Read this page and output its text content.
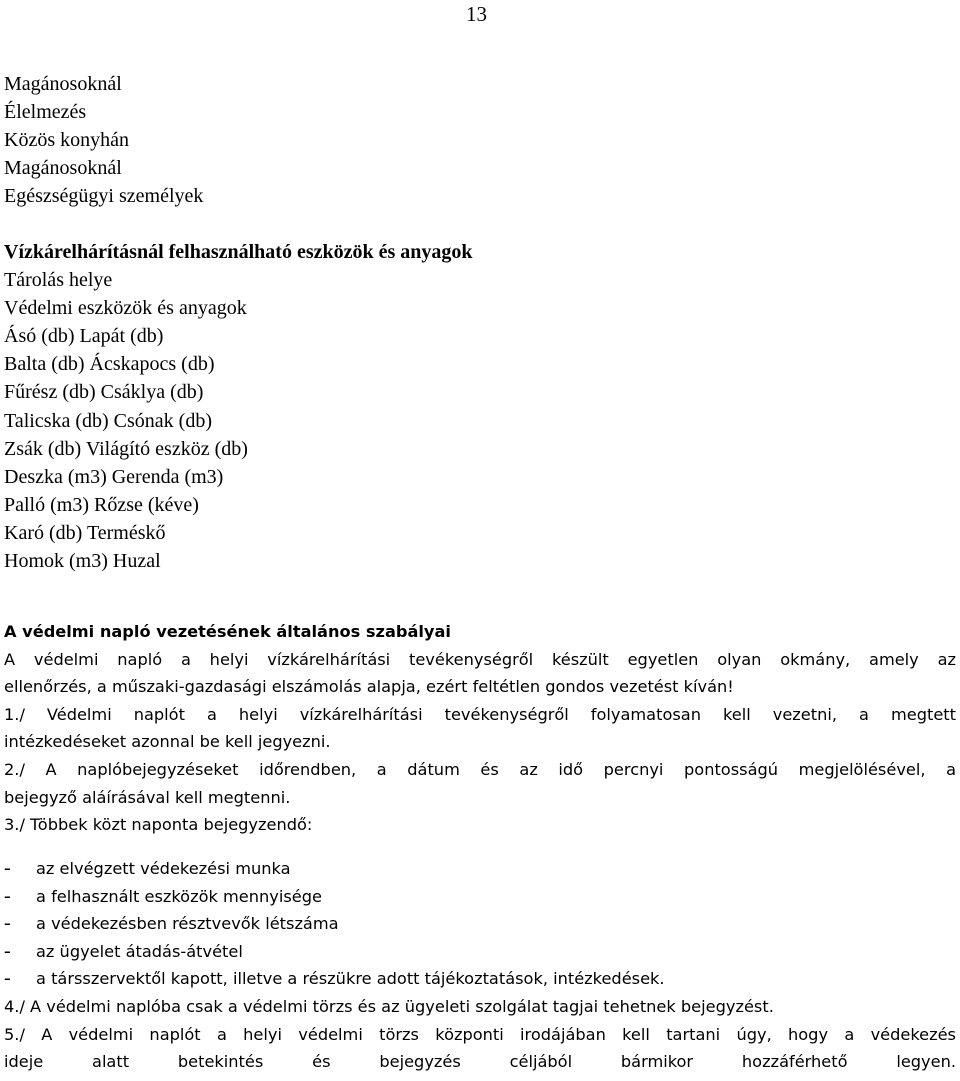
13
Magánosoknál
Élelmezés
Közös konyhán
Magánosoknál
Egészségügyi személyek
Vízkárelhárításnál felhasználható eszközök és anyagok
Tárolás helye
Védelmi eszközök és anyagok
Ásó (db) Lapát (db)
Balta (db) Ácskapocs (db)
Fűrész (db) Csáklya (db)
Talicska (db) Csónak (db)
Zsák (db) Világító eszköz (db)
Deszka (m3) Gerenda (m3)
Palló (m3) Rőzse (kéve)
Karó (db) Terméskő
Homok (m3) Huzal
A védelmi napló vezetésének általános szabályai
A védelmi napló a helyi vízkárelhárítási tevékenységről készült egyetlen olyan okmány, amely az
ellenőrzés, a műszaki-gazdasági elszámolás alapja, ezért feltétlen gondos vezetést kíván!
1./ Védelmi naplót a helyi vízkárelhárítási tevékenységről folyamatosan kell vezetni, a megtett
intézkedéseket azonnal be kell jegyezni.
2./ A naplóbejegyzéseket időrendben, a dátum és az idő percnyi pontosságú megjelölésével, a
bejegyző aláírásával kell megtenni.
3./ Többek közt naponta bejegyzendő:
-	az elvégzett védekezési munka
-	a felhasznált eszközök mennyisége
-	a védekezésben résztvevők létszáma
-	az ügyelet átadás-átvétel
-	a társszervektől kapott, illetve a részükre adott tájékoztatások, intézkedések.
4./ A védelmi naplóba csak a védelmi törzs és az ügyeleti szolgálat tagjai tehetnek bejegyzést.
5./ A védelmi naplót a helyi védelmi törzs központi irodájában kell tartani úgy, hogy a védekezés
ideje alatt betekintés és bejegyzés céljából bármikor hozzáférhető legyen.
